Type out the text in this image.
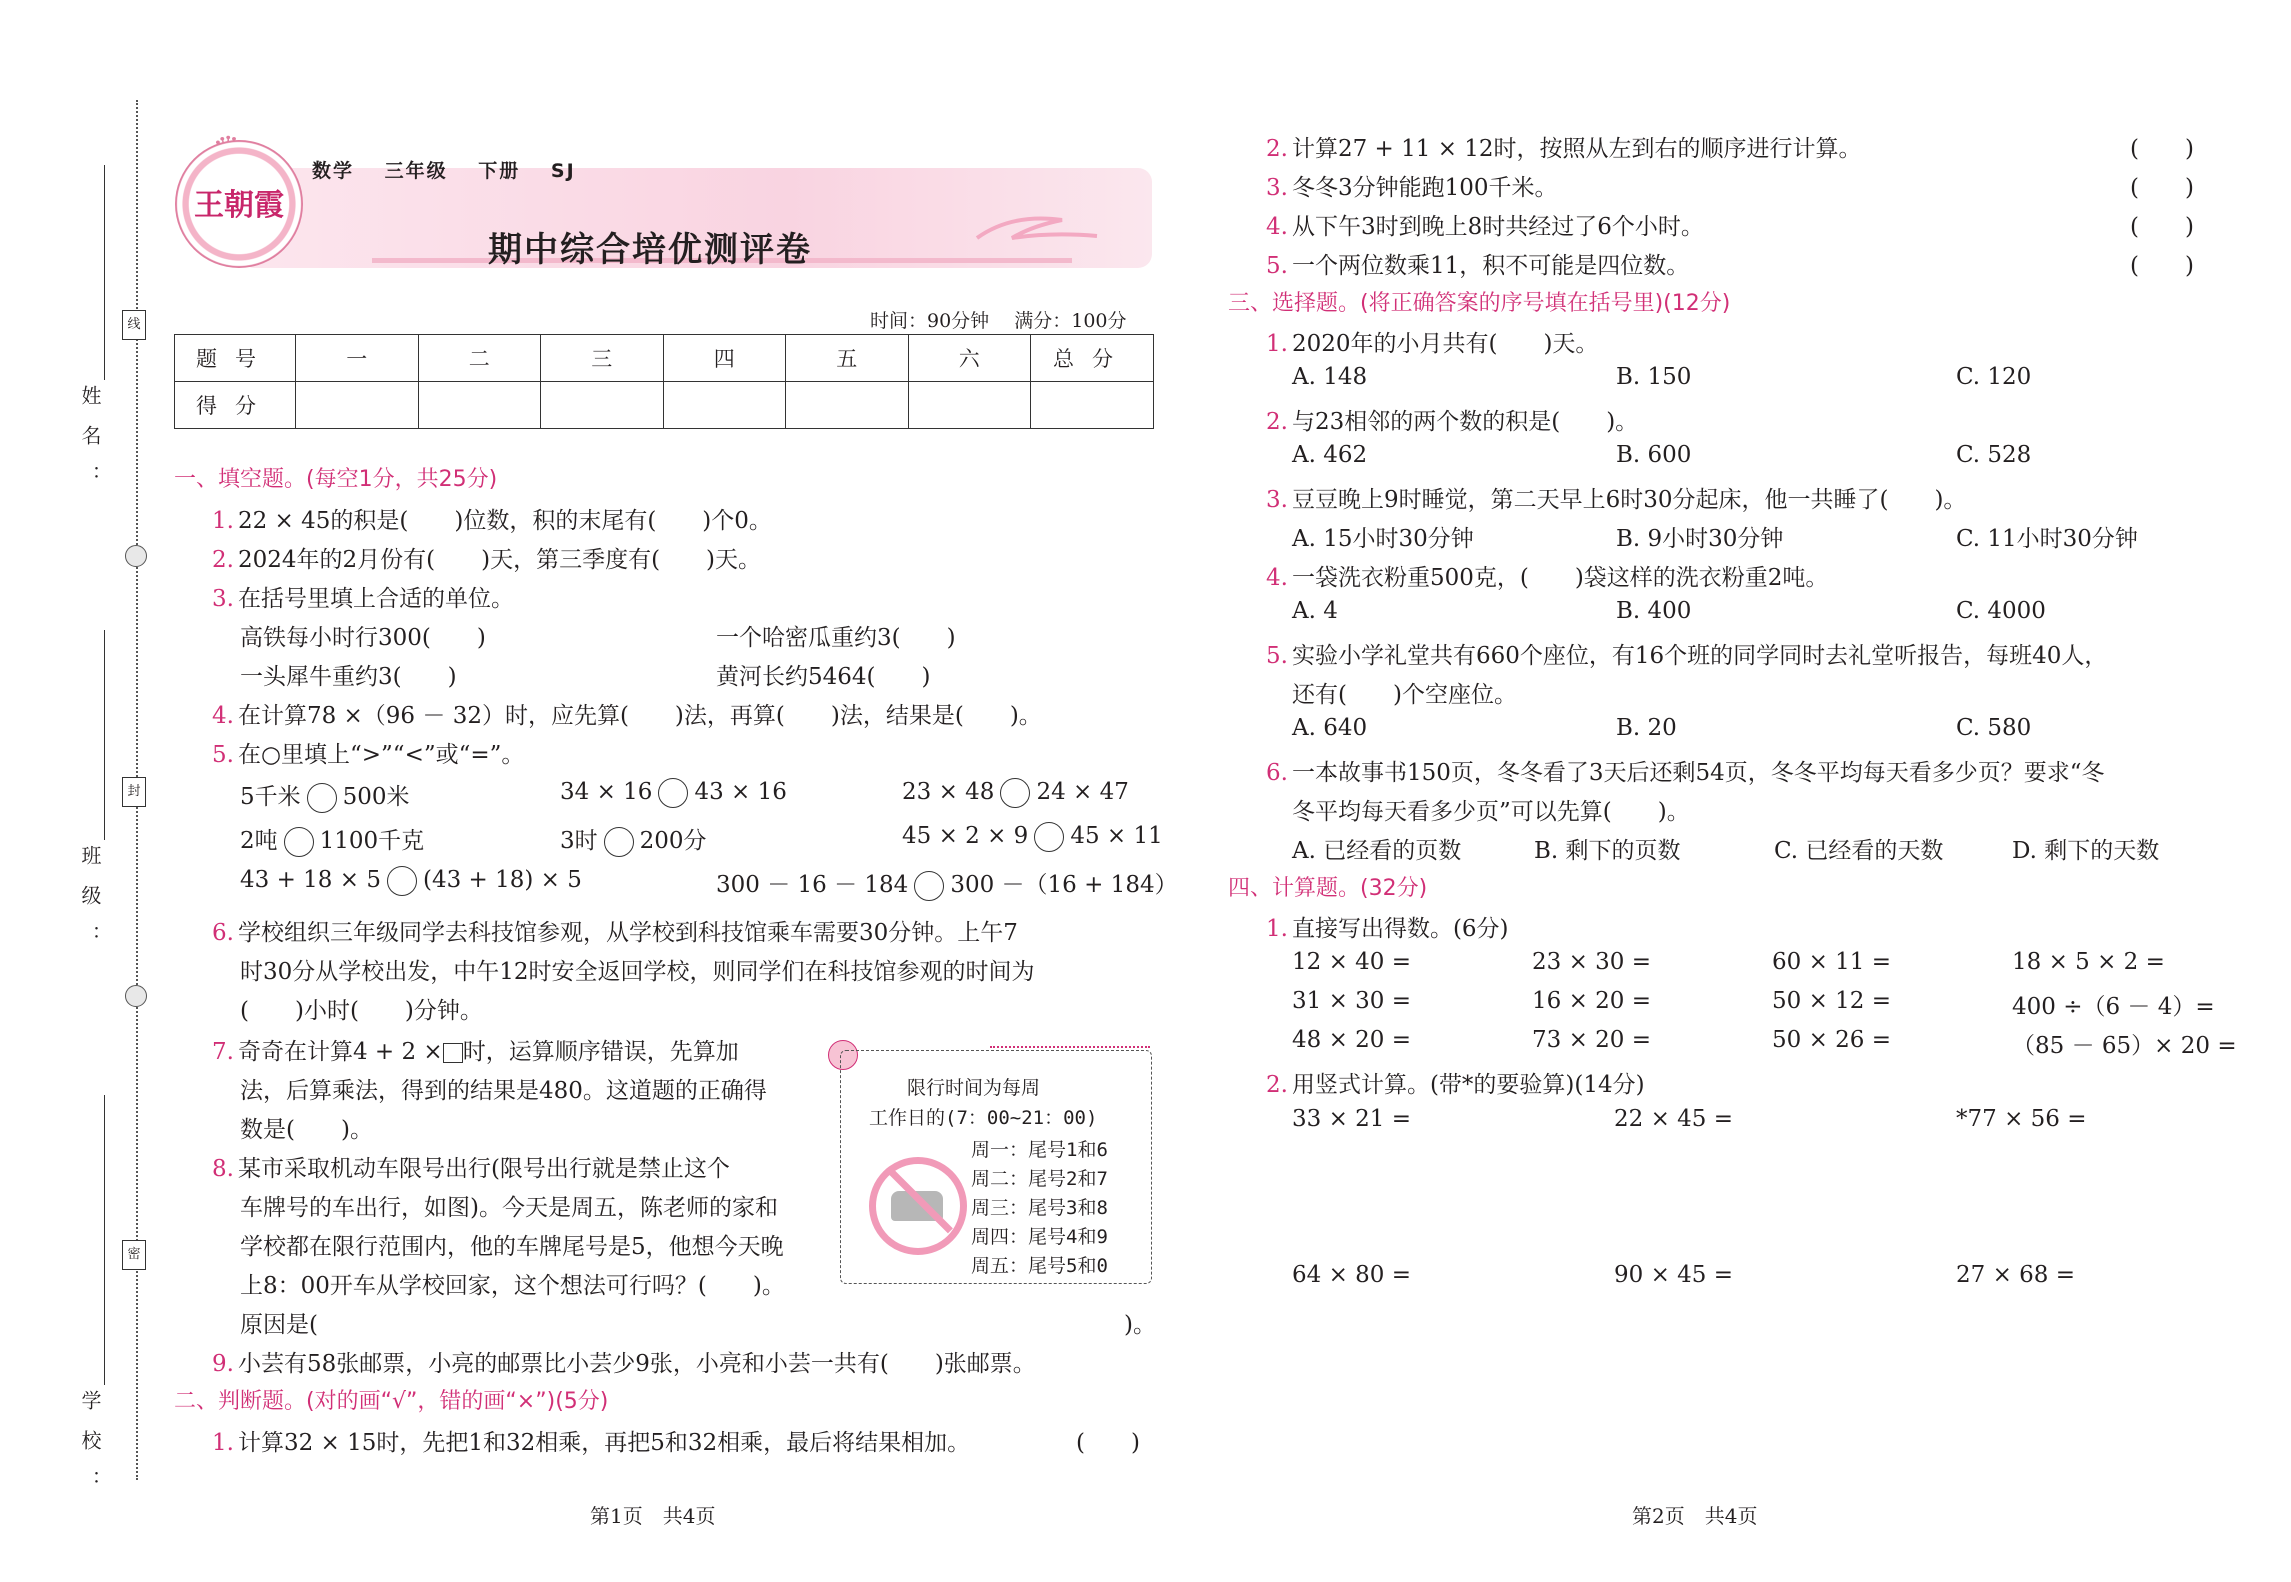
姓名：
线
班级：
封
学校：
密
王朝霞
数学 三年级 下册 SJ
期中综合培优测评卷
时间：90分钟　 满分：100分
题号	一	二	三	四	五	六	总分
得分							
一、填空题。(每空1分，共25分)
1. 22 × 45的积是(　　)位数，积的末尾有(　　)个0。
2. 2024年的2月份有(　　)天，第三季度有(　　)天。
3. 在括号里填上合适的单位。
高铁每小时行300(　　)	一个哈密瓜重约3(　　)
一头犀牛重约3(　　)	黄河长约5464(　　)
4. 在计算78 ×（96 － 32）时，应先算(　　)法，再算(　　)法，结果是(　　)。
5. 在○里填上“>”“<”或“=”。
5千米 500米	34 × 16 43 × 16	23 × 48 24 × 47
2吨 1100千克	3时 200分	45 × 2 × 9 45 × 11
43 + 18 × 5 (43 + 18) × 5	300 － 16 － 184 300 －（16 + 184）
6. 学校组织三年级同学去科技馆参观，从学校到科技馆乘车需要30分钟。上午7
时30分从学校出发，中午12时安全返回学校，则同学们在科技馆参观的时间为
(　　)小时(　　)分钟。
7. 奇奇在计算4 + 2 × 时，运算顺序错误，先算加
法，后算乘法，得到的结果是480。这道题的正确得
数是(　　)。
8. 某市采取机动车限号出行(限号出行就是禁止这个
车牌号的车出行，如图)。今天是周五，陈老师的家和
学校都在限行范围内，他的车牌尾号是5，他想今天晚
上8：00开车从学校回家，这个想法可行吗？(　　)。
原因是(	)。
限行时间为每周
工作日的(7：00~21：00)
周一：尾号1和6
周二：尾号2和7
周三：尾号3和8
周四：尾号4和9
周五：尾号5和0
9. 小芸有58张邮票，小亮的邮票比小芸少9张，小亮和小芸一共有(　　)张邮票。
二、判断题。(对的画“√”，错的画“×”)(5分)
1. 计算32 × 15时，先把1和32相乘，再把5和32相乘，最后将结果相加。	(　　)
第1页　共4页
2. 计算27 + 11 × 12时，按照从左到右的顺序进行计算。	(　　)
3. 冬冬3分钟能跑100千米。	(　　)
4. 从下午3时到晚上8时共经过了6个小时。	(　　)
5. 一个两位数乘11，积不可能是四位数。	(　　)
三、选择题。(将正确答案的序号填在括号里)(12分)
1. 2020年的小月共有(　　)天。
A. 148	B. 150	C. 120
2. 与23相邻的两个数的积是(　　)。
A. 462	B. 600	C. 528
3. 豆豆晚上9时睡觉，第二天早上6时30分起床，他一共睡了(　　)。
A. 15小时30分钟	B. 9小时30分钟	C. 11小时30分钟
4. 一袋洗衣粉重500克，(　　)袋这样的洗衣粉重2吨。
A. 4	B. 400	C. 4000
5. 实验小学礼堂共有660个座位，有16个班的同学同时去礼堂听报告，每班40人，
还有(　　)个空座位。
A. 640	B. 20	C. 580
6. 一本故事书150页，冬冬看了3天后还剩54页，冬冬平均每天看多少页？要求“冬
冬平均每天看多少页”可以先算(　　)。
A. 已经看的页数	B. 剩下的页数	C. 已经看的天数	D. 剩下的天数
四、计算题。(32分)
1. 直接写出得数。(6分)
12 × 40 =	23 × 30 =	60 × 11 =	18 × 5 × 2 =
31 × 30 =	16 × 20 =	50 × 12 =	400 ÷（6 － 4）=
48 × 20 =	73 × 20 =	50 × 26 =	（85 － 65）× 20 =
2. 用竖式计算。(带*的要验算)(14分)
33 × 21 =	22 × 45 =	*77 × 56 =
64 × 80 =	90 × 45 =	27 × 68 =
第2页　共4页
